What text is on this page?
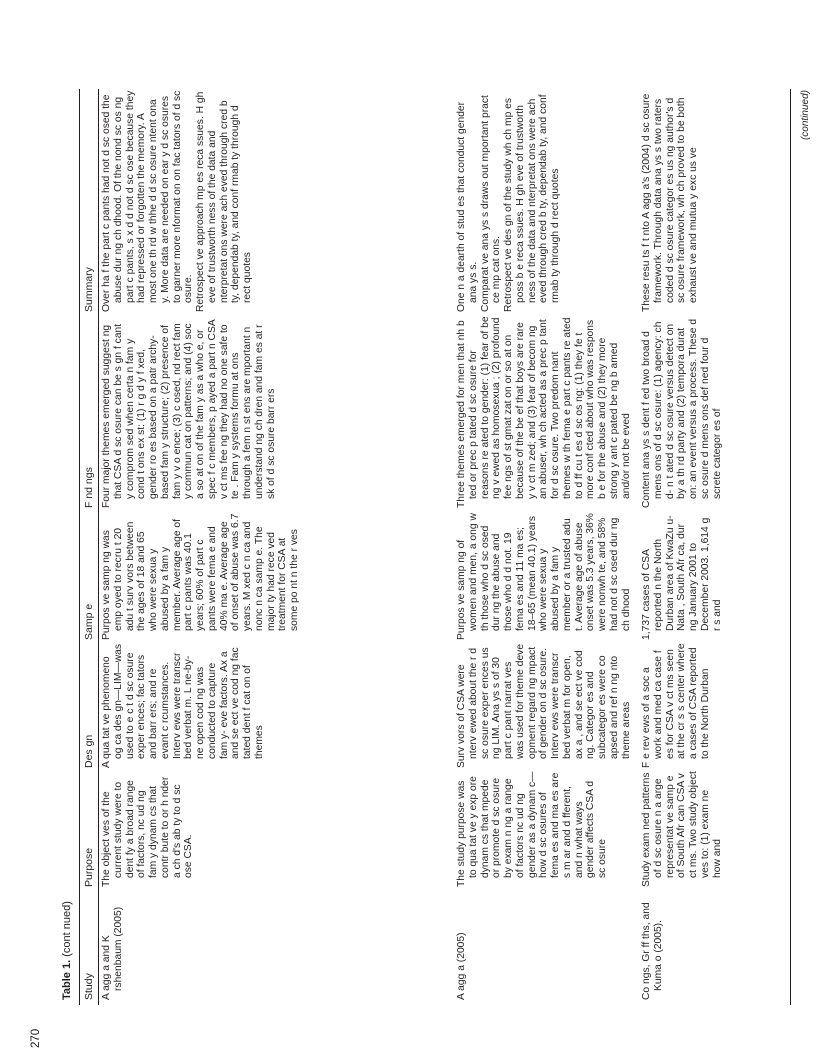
270
Table 1. (cont nued)
Study
Purpose
Des gn
Samp e
F nd ngs
Summary

A agg a and K rshenbaum (2005)

The object ves of the current study were to dent fy a broad range of factors, nc ud ng fam y dynam cs that contr bute to or h nder a ch d's ab ty to d sc ose CSA.

A qua tat ve phenomeno og ca des gn—LIM—was used to e c t d sc osure exper ences; fac tators and barr ers; and re evant c rcumstances. Interv ews were transcr bed verbat m. L ne-by- ne open cod ng was conducted to capture fam y- eve factors. Ax a and se ect ve cod ng fac tated dent f cat on of themes

Purpos ve samp ng was emp oyed to recru t 20 adu t surv vors between the ages of 18 and 65 who were sexua y abused by a fam y member. Average age of part c pants was 40.1 years; 60% of part c pants were fema e and 40% ma e. Average age of onset of abuse was 6.7 years. M xed c n ca and nonc n ca samp e. The major ty had rece ved treatment for CSA at some po nt n the r ves

Four major themes emerged suggest ng that CSA d sc osure can be s gn f cant y comprom sed when certa n fam y cond t ons ex st: (1) r g d y f xed, gender ro es based on a patr archy-based fam y structure; (2) presence of fam y v o ence; (3) c osed, nd rect fam y commun cat on patterns; and (4) soc a so at on of the fam y as a who e, or spec f c members, p ayed a part n CSA v ct ms fee ng they had no one safe to te . Fam y systems formu at ons through a fem n st ens are mportant n understand ng ch dren and fam es at r sk of d sc osure barr ers

Over ha f the part c pants had not d sc osed the abuse dur ng ch dhood. Of the nond sc os ng part c pants, s x d d not d sc ose because they had repressed or forgotten the memory. A most one th rd w thhe d d sc osure ntent ona y. More data are needed on ear y d sc osures to garner more nformat on on fac tators of d sc osure. Retrospect ve approach mp es reca ssues. H gh eve of trustworth ness of the data and nterpretat ons were ach eved through cred b ty, dependab ty, and conf rmab ty through d rect quotes

A agg a (2005)

The study purpose was to qua tat ve y exp ore dynam cs that mpede or promote d sc osure by exam n ng a range of factors nc ud ng gender as a dynam c—how d sc osures of fema es and ma es are s m ar and d fferent, and n what ways gender affects CSA d sc osure

Surv vors of CSA were nterv ewed about the r d sc osure exper ences us ng LIM. Ana ys s of 30 part c pant narrat ves was used for theme deve opment regard ng mpact of gender on d sc osure. Interv ews were transcr bed verbat m for open, ax a , and se ect ve cod ng. Categor es and subcategor es were co apsed and ref n ng nto theme areas

Purpos ve samp ng of women and men, a ong w th those who d sc osed dur ng the abuse and those who d d not. 19 fema es and 11 ma es; 18–65 (mean 40.1) years who were sexua y abused by a fam y member or a trusted adu t. Average age of abuse onset was 5.3 years, 36% were nonwh te, and 58% had not d sc osed dur ng ch dhood

Three themes emerged for men that nh b ted or prec p tated d sc osure for reasons re ated to gender: (1) fear of be ng v ewed as homosexua ; (2) profound fee ngs of st gmat zat on or so at on because of the be ef that boys are rare y v ct m zed; and (3) fear of becom ng an abuser, wh ch acted as a prec p tant for d sc osure. Two predom nant themes w th fema e part c pants re ated to d ff cu t es d sc os ng: (1) they fe t more conf cted about who was respons b e for the abuse and (2) they more strong y ant c pated be ng b amed and/or not be eved

One n a dearth of stud es that conduct gender ana ys s. Comparat ve ana ys s draws out mportant pract ce mp cat ons. Retrospect ve des gn of the study wh ch mp es poss b e reca ssues. H gh eve of trustworth ness of the data and nterpretat ons were ach eved through cred b ty, dependab ty, and conf rmab ty through d rect quotes

Co ngs, Gr ff ths, and Kuma o (2005).

Study exam ned patterns of d sc osure n a arge representat ve samp e of South Afr can CSA v ct ms. Two study object ves to: (1) exam ne how and

F e rev ews of a soc a work and med ca case f es for CSA v ct ms seen at the cr s s center where a cases of CSA reported to the North Durban

1,737 cases of CSA reported n the North Durban area of KwaZu u-Nata , South Afr ca, dur ng January 2001 to December 2003. 1,614 g r s and

Content ana ys s dent f ed two broad d mens ons of d sc osure: (1) agency: ch d- n t ated d sc osure versus detect on by a th rd party and (2) tempora durat on: an event versus a process. These d sc osure d mens ons def ned four d screte categor es of

These resu ts f t nto A agg a's (2004) d sc osure framework. Through data ana ys s two raters coded d sc osure categor es us ng author's d sc osure framework, wh ch proved to be both exhaust ve and mutua y exc us ve

(continued)
